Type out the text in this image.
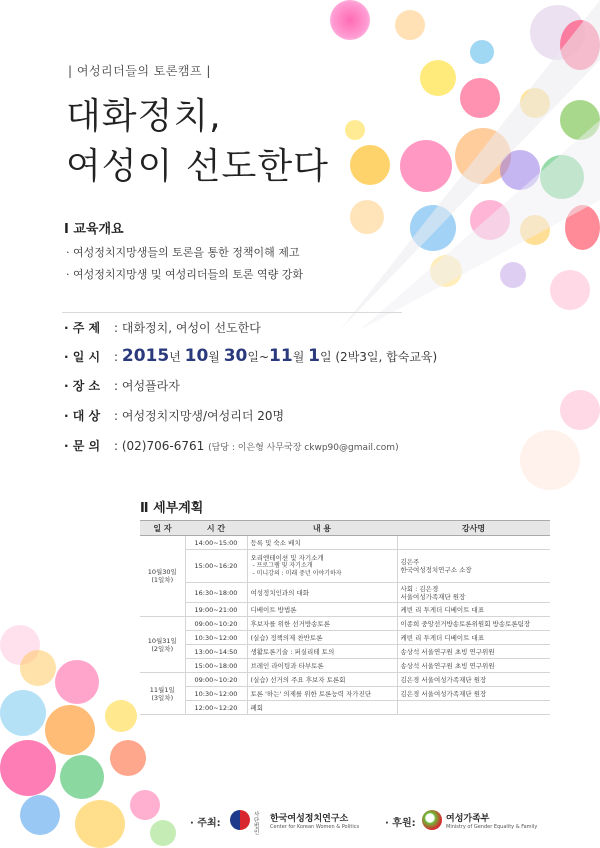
| 여성리더들의 토론캠프 |
대화정치,
여성이 선도한다
I 교육개요
· 여성정치지망생들의 토론을 통한 정책이해 제고
· 여성정치지망생 및 여성리더들의 토론 역량 강화
· 주 제 : 대화정치, 여성이 선도한다
· 일 시 : 2015년 10월 30일~11월 1일 (2박3일, 합숙교육)
· 장 소 : 여성플라자
· 대 상 : 여성정치지망생/여성리더 20명
· 문 의 : (02)706-6761 (담당 : 이은형 사무국장 ckwp90@gmail.com)
Ⅱ 세부계획
일 자	시 간	내 용	강사명
10월30일
(1일차)	14:00~15:00	등록 및 숙소 배치	
	15:00~16:20	오리엔테이션 및 자기소개
- 프로그램 및 자기소개
- 미니강의 : 미래 중년 이야기하자	김은주
한국여성정치연구소 소장
	16:30~18:00	여성정치인과의 대화	사회 : 김은경
서울여성가족재단 원장
	19:00~21:00	디베이트 방법론	케빈 리 투게더 디베이트 대표
10월31일
(2일차)	09:00~10:20	후보자를 위한 선거방송토론	이종희 중앙선거방송토론위원회 방송토론팀장
	10:30~12:00	(실습) 정책의제 찬반토론	케빈 리 투게더 디베이트 대표
	13:00~14:50	생활토론기술 : 퍼실리테 토의	송상석 서울연구원 초빙 연구위원
	15:00~18:00	브레인 라이팅과 타부토론	송상석 서울연구원 초빙 연구위원
11월1일
(3일차)	09:00~10:20	(실습) 선거의 주요 후보자 토론회	김은경 서울여성가족재단 원장
	10:30~12:00	토론 '하는' 의제를 위한 토론능력 자가진단	김은경 서울여성가족재단 원장
	12:00~12:20	폐회	
· 주최:
사단
법인
한국여성정치연구소
Center for Korean Women & Politics	· 후원:	여성가족부
Ministry of Gender Equality & Family
